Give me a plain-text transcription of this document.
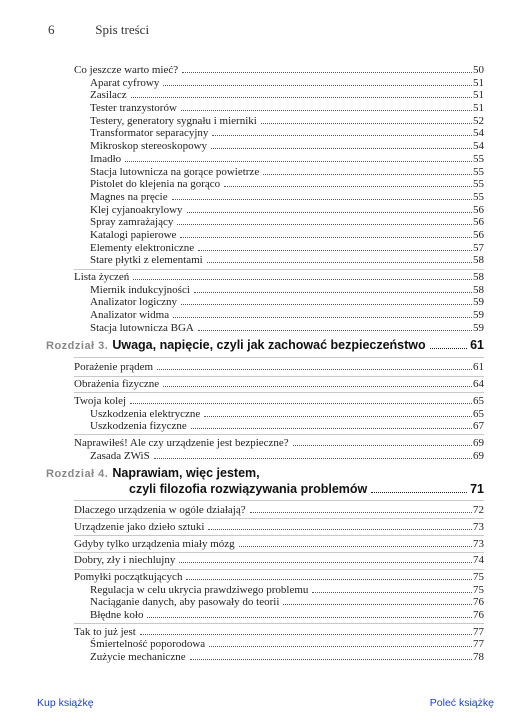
6	Spis treści
Co jeszcze warto mieć?	50
Aparat cyfrowy	51
Zasilacz	51
Tester tranzystorów	51
Testery, generatory sygnału i mierniki	52
Transformator separacyjny	54
Mikroskop stereoskopowy	54
Imadło	55
Stacja lutownicza na gorące powietrze	55
Pistolet do klejenia na gorąco	55
Magnes na pręcie	55
Klej cyjanoakrylowy	56
Spray zamrażający	56
Katalogi papierowe	56
Elementy elektroniczne	57
Stare płytki z elementami	58
Lista życzeń	58
Miernik indukcyjności	58
Analizator logiczny	59
Analizator widma	59
Stacja lutownicza BGA	59
Rozdział 3. Uwaga, napięcie, czyli jak zachować bezpieczeństwo	61
Porażenie prądem	61
Obrażenia fizyczne	64
Twoja kolej	65
Uszkodzenia elektryczne	65
Uszkodzenia fizyczne	67
Naprawiłeś! Ale czy urządzenie jest bezpieczne?	69
Zasada ZWiS	69
Rozdział 4. Naprawiam, więc jestem,
czyli filozofia rozwiązywania problemów	71
Dlaczego urządzenia w ogóle działają?	72
Urządzenie jako dzieło sztuki	73
Gdyby tylko urządzenia miały mózg	73
Dobry, zły i niechlujny	74
Pomyłki początkujących	75
Regulacja w celu ukrycia prawdziwego problemu	75
Naciąganie danych, aby pasowały do teorii	76
Błędne koło	76
Tak to już jest	77
Śmiertelność poporodowa	77
Zużycie mechaniczne	78
Kup książkę	Poleć książkę
